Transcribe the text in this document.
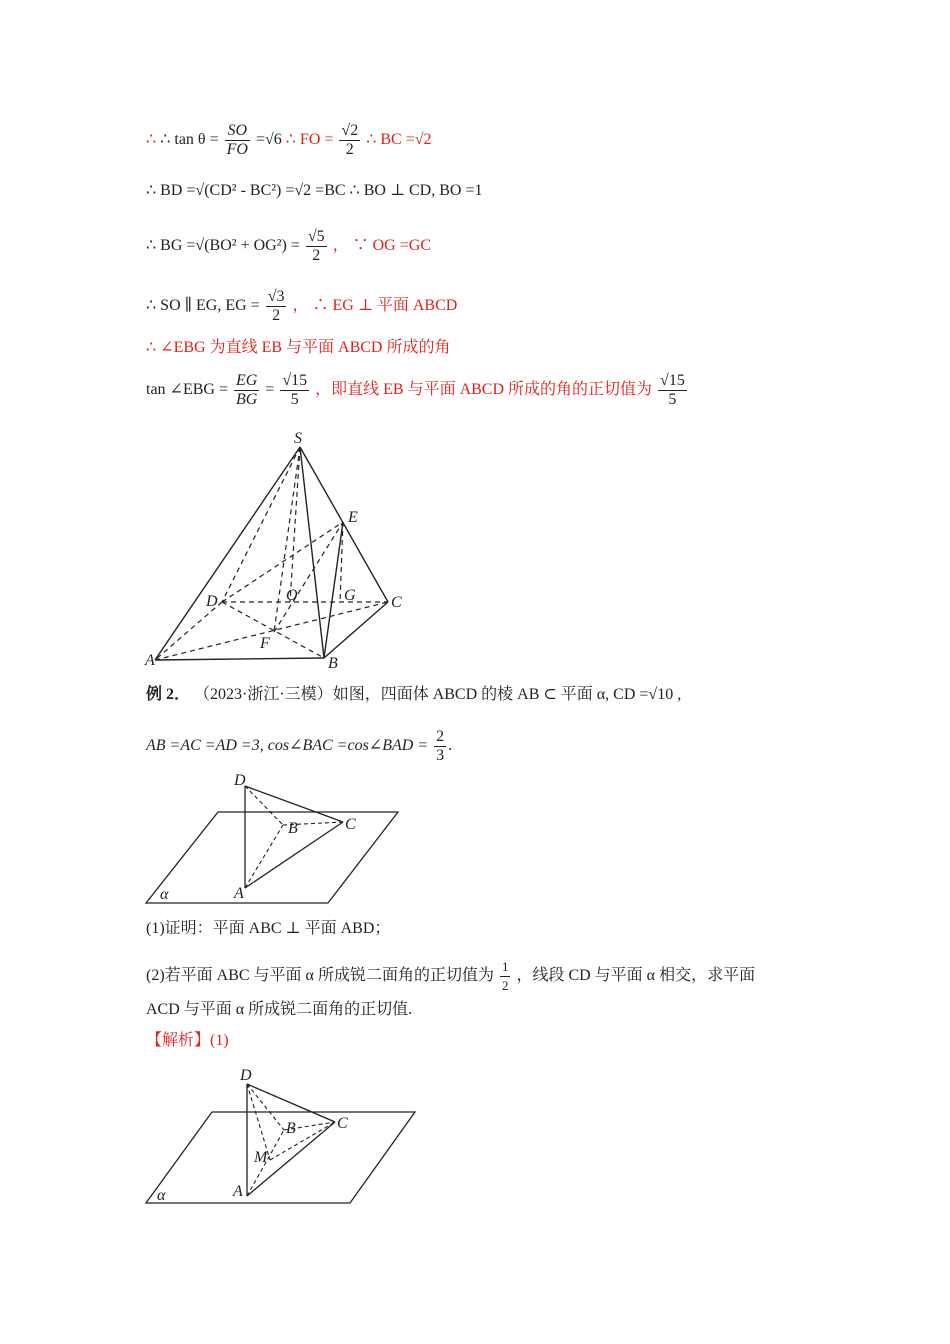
∴ ∴ $\tan \theta = \frac{SO}{FO} =√6$ ∴ FO = $\frac{√2}{2}$ ∴ BC =√2
∴ BD =√(CD² - BC²) =√2 =BC ∴ BO ⊥ CD, BO =1
∴ BG $=√(BO^2 + OG^2) = \frac{√5}{2}$ ， ∵ OG =GC
∴ SO ∥ EG, EG = $\frac{√3}{2}$ ， ∴ EG ⊥ 平面 ABCD
∴ ∠EBG 为直线 EB 与平面 ABCD 所成的角
tan ∠EBG = $\frac{EG}{BG} = \frac{√15}{5}$ ，即直线 EB 与平面 ABCD 所成的角的正切值为 $\frac{√15}{5}$
S
E
D	O	G C
F
A	B
例 2． （2023·浙江·三模）如图，四面体 ABCD 的棱 AB ⊂ 平面 α, CD =√10 ,
AB =AC =AD =3, cos∠BAC =cos∠BAD = $\frac{2}{3}$ .
D
B	C
A
α
(1)证明：平面 ABC ⊥ 平面 ABD；
(2)若平面 ABC 与平面 α 所成锐二面角的正切值为 $\frac{1}{2}$ ，线段 CD 与平面 α 相交，求平面
ACD 与平面 α 所成锐二面角的正切值.
【解析】(1)
D
B	C
M
A
α
